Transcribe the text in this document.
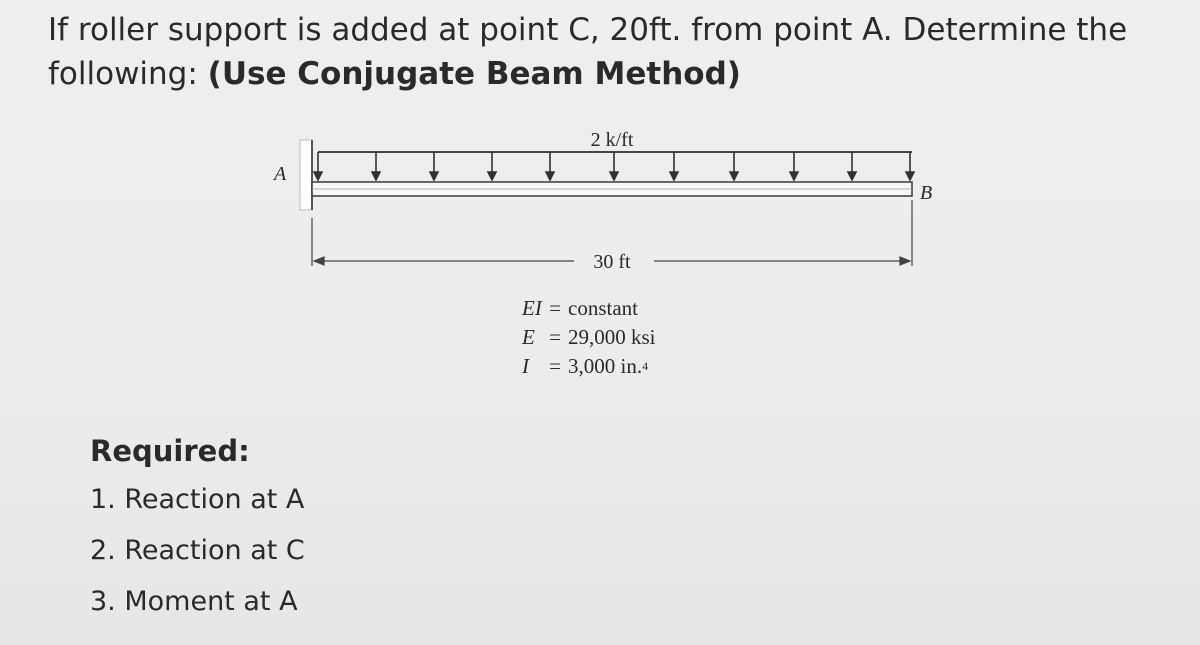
If roller support is added at point C, 20ft. from point A. Determine the
following: (Use Conjugate Beam Method)
2 k/ft
A
B
30 ft
EI = constant
E = 29,000 ksi
I = 3,000 in. 4
Required:
1. Reaction at A
2. Reaction at C
3. Moment at A
